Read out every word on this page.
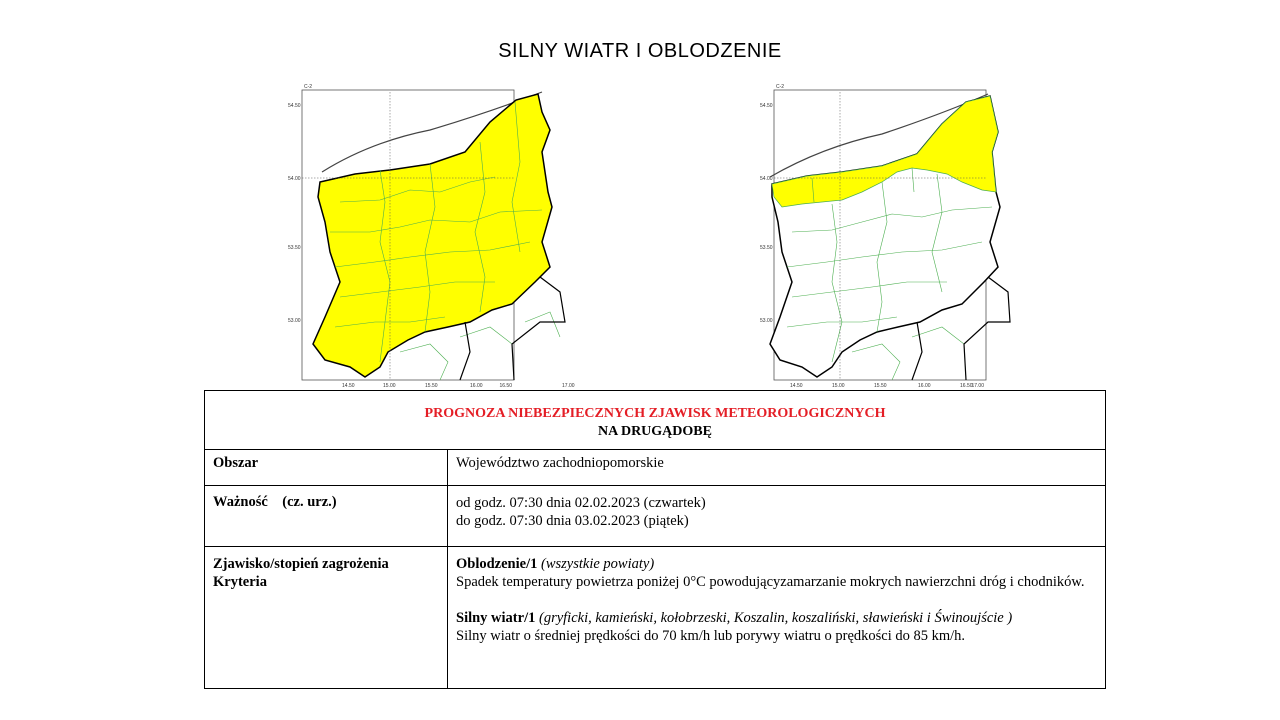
SILNY WIATR I OBLODZENIE
C-2
54.50
54.00
53.50
53.00
14.50	15.00	15.50	16.00	16.50	17.00
C-2
54.50
54.00
53.50
53.00
14.50	15.00	15.50	16.00	16.50
17.00
PROGNOZA NIEBEZPIECZNYCH ZJAWISK METEOROLOGICZNYCH
NA DRUGĄDOBĘ	

Obszar	Województwo zachodniopomorskie
Ważność    (cz. urz.)	od godz. 07:30 dnia 02.02.2023 (czwartek)
do godz. 07:30 dnia 03.02.2023 (piątek)

Zjawisko/stopień zagrożenia
Kryteria	Oblodzenie/1 (wszystkie powiaty)
Spadek temperatury powietrza poniżej 0°C powodującyzamarzanie mokrych nawierzchni dróg i chodników.
Silny wiatr/1 (gryficki, kamieński, kołobrzeski, Koszalin, koszaliński, sławieński i Świnoujście )
Silny wiatr o średniej prędkości do 70 km/h lub porywy wiatru o prędkości do 85 km/h.
